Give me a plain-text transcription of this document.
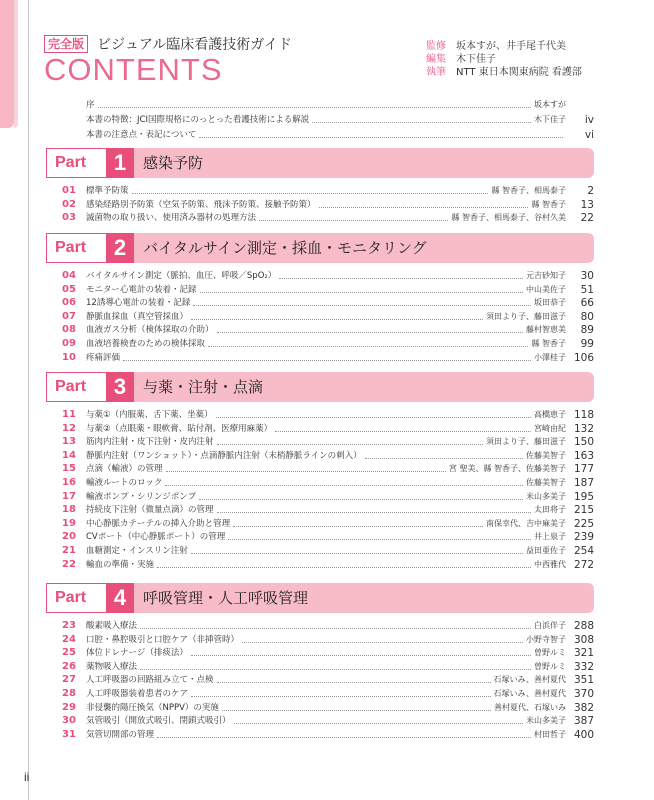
完全版 ビジュアル臨床看護技術ガイド
CONTENTS
監修	坂本すが、井手尾千代美
編集	木下佳子
執筆	NTT 東日本関東病院 看護部
序	坂本すが
本書の特徴：JCI国際規格にのっとった看護技術による解説	木下佳子	iv
本書の注意点・表記について	vi
Part	1	感染予防
01	標準予防策	縣 智香子、相馬泰子	2
02	感染経路別予防策（空気予防策、飛沫予防策、接触予防策）	縣 智香子	13
03	滅菌物の取り扱い、使用済み器材の処理方法	縣 智香子、相馬泰子、谷村久美	22
Part	2	バイタルサイン測定・採血・モニタリング
04	バイタルサイン測定（脈拍、血圧、呼吸／SpO₂）	元吉砂知子	30
05	モニター心電計の装着・記録	中山美佐子	51
06	12誘導心電計の装着・記録	坂田恭子	66
07	静脈血採血（真空管採血）	須田より子、藤田滋子	80
08	血液ガス分析（検体採取の介助）	藤村智恵美	89
09	血液培養検査のための検体採取	縣 智香子	99
10	疼痛評価	小澤桂子 106
Part	3	与薬・注射・点滴
11	与薬①（内服薬、舌下薬、坐薬）	高橋恵子 118
12	与薬②（点眼薬・眼軟膏、貼付剤、医療用麻薬）	宮崎由紀 132
13	筋肉内注射・皮下注射・皮内注射	須田より子、藤田滋子 150
14	静脈内注射（ワンショット）・点滴静脈内注射（末梢静脈ラインの刺入）	佐藤美智子 163
15	点滴（輸液）の管理	宮 聖美、縣 智香子、佐藤美智子 177
16	輸液ルートのロック	佐藤美智子 187
17	輸液ポンプ・シリンジポンプ	米山多美子 195
18	持続皮下注射（微量点滴）の管理	太田将子 215
19	中心静脈カテーテルの挿入介助と管理	南保幸代、吉中麻美子 225
20	CVポート（中心静脈ポート）の管理	井上泉子 239
21	血糖測定・インスリン注射	益田亜佐子 254
22	輸血の準備・実施	中西雅代 272
Part	4	呼吸管理・人工呼吸管理
23	酸素吸入療法	白浜伴子 288
24	口腔・鼻腔吸引と口腔ケア（非挿管時）	小野寺智子 308
25	体位ドレナージ（排痰法）	曽野ルミ 321
26	薬物吸入療法	曽野ルミ 332
27	人工呼吸器の回路組み立て・点検	石塚いみ、善村夏代 351
28	人工呼吸器装着患者のケア	石塚いみ、善村夏代 370
29	非侵襲的陽圧換気（NPPV）の実施	善村夏代、石塚いみ 382
30	気管吸引（開放式吸引、閉鎖式吸引）	米山多美子 387
31	気管切開部の管理	村田哲子 400
ii
